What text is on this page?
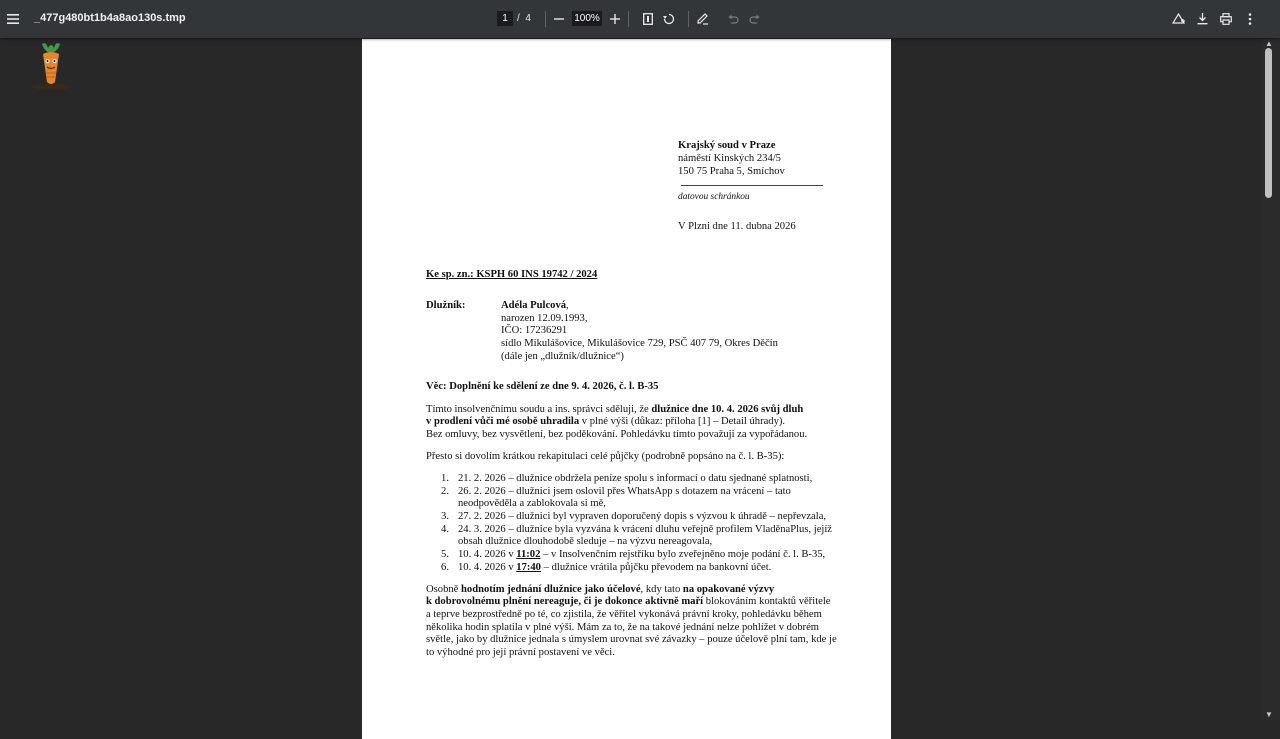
_477g480bt1b4a8ao130s.tmp	1 / 4	100%
▲
▼
Krajský soud v Praze
náměstí Kinských 234/5
150 75 Praha 5, Smíchov
datovou schránkou
V Plzni dne 11. dubna 2026
Ke sp. zn.: KSPH 60 INS 19742 / 2024
Dlužník:	Adéla Pulcová,
narozen 12.09.1993,
IČO: 17236291
sídlo Mikulášovice, Mikulášovice 729, PSČ 407 79, Okres Děčín
(dále jen „dlužník/dlužnice“)
Věc: Doplnění ke sdělení ze dne 9. 4. 2026, č. l. B-35
Tímto insolvenčnímu soudu a ins. správci sděluji, že dlužnice dne 10. 4. 2026 svůj dluh
v prodlení vůči mé osobě uhradila v plné výši (důkaz: příloha [1] – Detail úhrady).
Bez omluvy, bez vysvětlení, bez poděkování. Pohledávku tímto považuji za vypořádanou.
Přesto si dovolím krátkou rekapitulaci celé půjčky (podrobně popsáno na č. l. B-35):
1. 21. 2. 2026 – dlužnice obdržela peníze spolu s informací o datu sjednané splatnosti,
2. 26. 2. 2026 – dlužnici jsem oslovil přes WhatsApp s dotazem na vrácení – tato
neodpověděla a zablokovala si mě,
3. 27. 2. 2026 – dlužnici byl vypraven doporučený dopis s výzvou k úhradě – nepřevzala,
4. 24. 3. 2026 – dlužnice byla vyzvána k vrácení dluhu veřejně profilem VladěnaPlus, jejíž
obsah dlužnice dlouhodobě sleduje – na výzvu nereagovala,
5. 10. 4. 2026 v 11:02 – v Insolvenčním rejstříku bylo zveřejněno moje podání č. l. B-35,
6. 10. 4. 2026 v 17:40 – dlužnice vrátila půjčku převodem na bankovní účet.
Osobně hodnotím jednání dlužnice jako účelové, kdy tato na opakované výzvy
k dobrovolnému plnění nereaguje, či je dokonce aktivně maří blokováním kontaktů věřitele
a teprve bezprostředně po té, co zjistila, že věřitel vykonává právní kroky, pohledávku během
několika hodin splatila v plné výši. Mám za to, že na takové jednání nelze pohlížet v dobrém
světle, jako by dlužnice jednala s úmyslem urovnat své závazky – pouze účelově plní tam, kde je
to výhodné pro její právní postavení ve věci.
